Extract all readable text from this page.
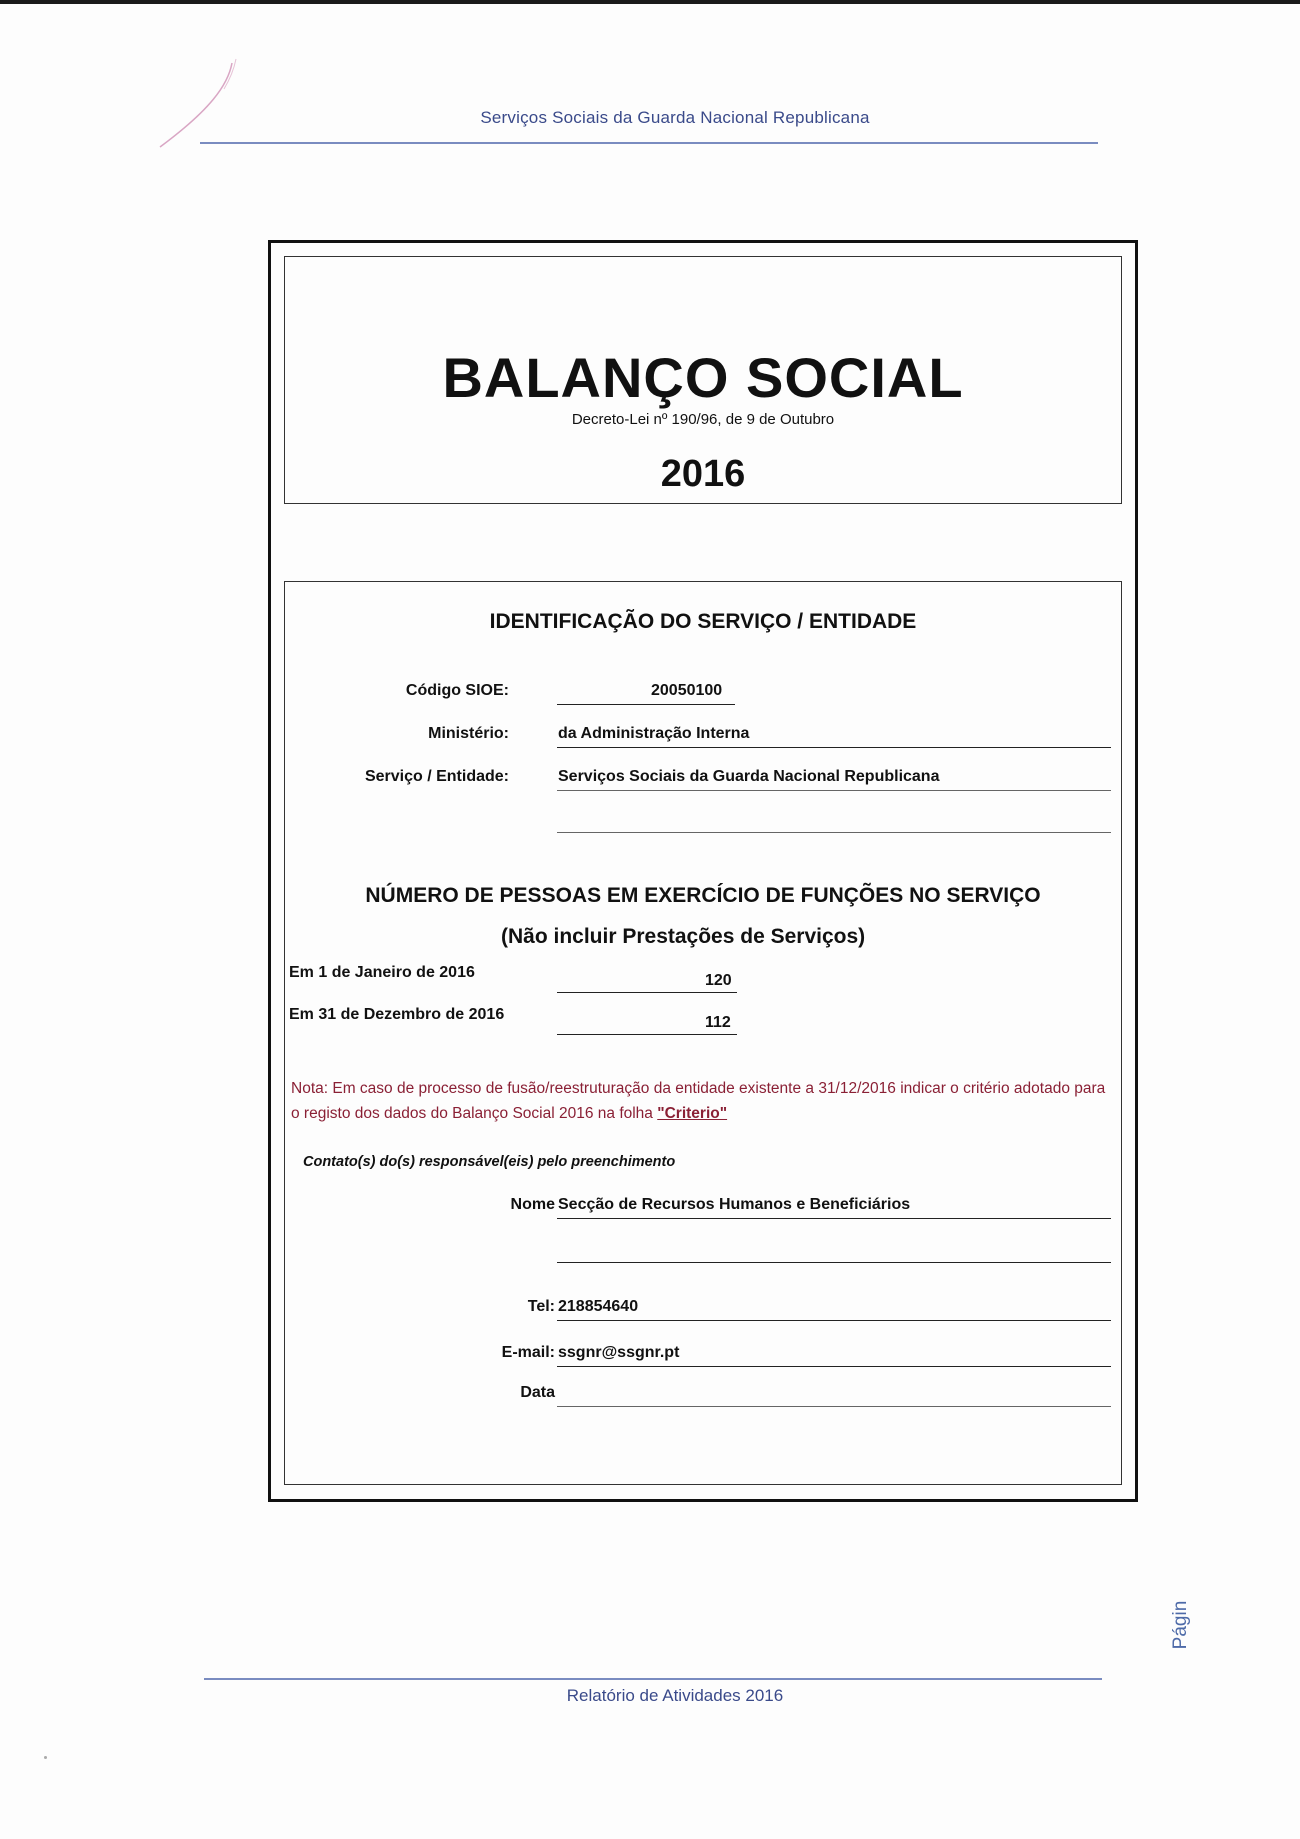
Serviços Sociais da Guarda Nacional Republicana
BALANÇO SOCIAL
Decreto-Lei nº 190/96, de 9 de Outubro
2016
IDENTIFICAÇÃO DO SERVIÇO / ENTIDADE
Código SIOE:	20050100
Ministério:	da Administração Interna
Serviço / Entidade:	Serviços Sociais da Guarda Nacional Republicana
NÚMERO DE PESSOAS EM EXERCÍCIO DE FUNÇÕES NO SERVIÇO
(Não incluir Prestações de Serviços)
Em 1 de Janeiro de 2016	120
Em 31 de Dezembro de 2016	112
Nota: Em caso de processo de fusão/reestruturação da entidade existente a 31/12/2016 indicar o critério adotado para o registo dos dados do Balanço Social 2016 na folha "Criterio"
Contato(s) do(s) responsável(eis) pelo preenchimento
Nome Secção de Recursos Humanos e Beneficiários
Tel: 218854640
E-mail: ssgnr@ssgnr.pt
Data
Págin
Relatório de Atividades 2016
